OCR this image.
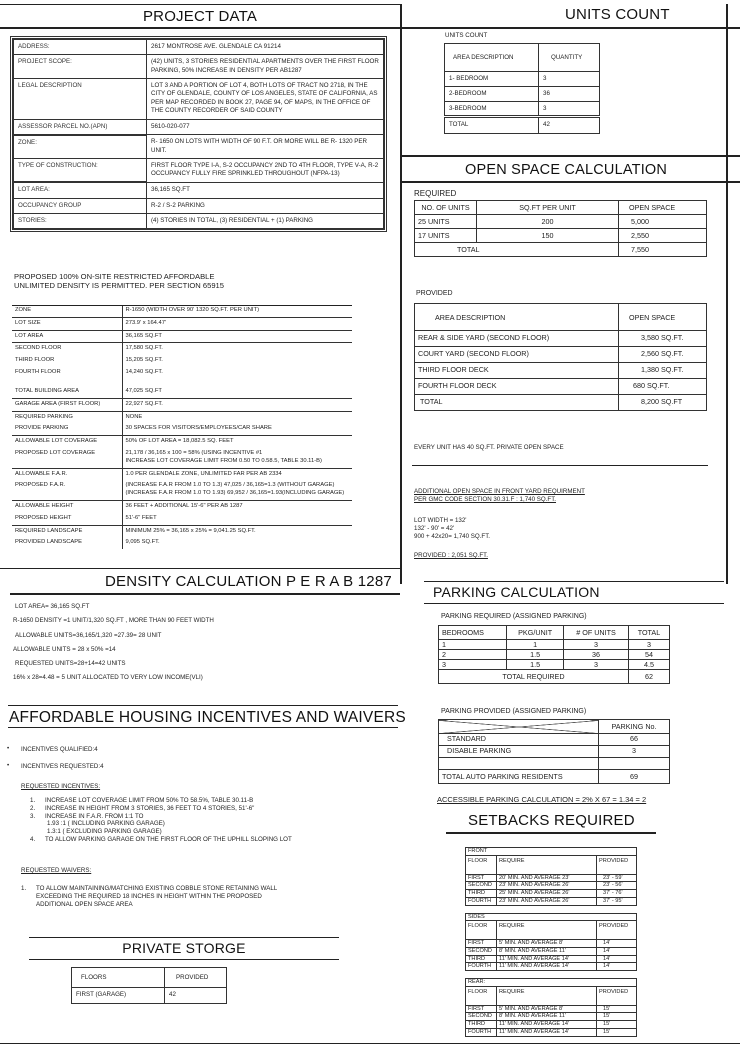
PROJECT DATA
ADDRESS:	2617 MONTROSE AVE. GLENDALE CA 91214
PROJECT SCOPE:	(42) UNITS, 3 STORIES RESIDENTIAL APARTMENTS OVER THE FIRST FLOOR PARKING, 50% INCREASE IN DENSITY PER AB1287
LEGAL DESCRIPTION	LOT 3 AND A PORTION OF LOT 4, BOTH LOTS OF TRACT NO 2718, IN THE CITY OF GLENDALE, COUNTY OF LOS ANGELES, STATE OF CALIFORNIA, AS PER MAP RECORDED IN BOOK 27, PAGE 94, OF MAPS, IN THE OFFICE OF THE COUNTY RECORDER OF SAID COUNTY
ASSESSOR PARCEL NO.(APN)	5610-020-077
ZONE:	R- 1650 ON LOTS WITH WIDTH OF 90 F.T. OR MORE WILL BE R- 1320 PER UNIT.
TYPE OF CONSTRUCTION:	FIRST FLOOR TYPE I-A, S-2 OCCUPANCY 2ND TO 4TH FLOOR, TYPE V-A, R-2 OCCUPANCY FULLY FIRE SPRINKLED THROUGHOUT (NFPA-13)
LOT AREA:	36,165 SQ.FT
OCCUPANCY GROUP	R-2 / S-2 PARKING
STORIES:	(4) STORIES IN TOTAL, (3) RESIDENTIAL + (1) PARKING
PROPOSED 100% ON-SITE RESTRICTED AFFORDABLE
UNLIMITED DENSITY IS PERMITTED. PER SECTION 65915
ZONE	R-1650 (WIDTH OVER 90' 1320 SQ.FT. PER UNIT)

LOT SIZE	273.9' x 164.47'

LOT AREA	36,165 SQ.FT

SECOND FLOOR	17,580 SQ.FT.

THIRD FLOOR	15,205 SQ.FT.

FOURTH FLOOR	14,240 SQ.FT.

TOTAL BUILDING AREA	47,025 SQ.FT

GARAGE AREA (FIRST FLOOR)	22,927 SQ.FT.

REQUIRED PARKING	NONE

PROVIDE PARKING	30 SPACES FOR VISITORS/EMPLOYEES/CAR SHARE

ALLOWABLE LOT COVERAGE	50% OF LOT AREA = 18,082.5 SQ. FEET

PROPOSED LOT COVERAGE	21,178 / 36,165 x 100 = 58% (USING INCENTIVE #1
INCREASE LOT COVERAGE LIMIT FROM 0.50 TO 0.58.5, TABLE 30.11-B)

ALLOWABLE F.A.R.	1.0 PER GLENDALE ZONE, UNLIMITED FAR PER AB 2334

PROPOSED F.A.R.	(INCREASE F.A.R FROM 1.0 TO 1.3) 47,025 / 36,165=1.3 (WITHOUT GARAGE)
(INCREASE F.A.R FROM 1.0 TO 1.93) 69,952 / 36,165=1.93(INCLUDING GARAGE)

ALLOWABLE HEIGHT	36 FEET + ADDITIONAL 15'-6" PER AB 1287

PROPOSED HEIGHT	51'-6" FEET

REQUIRED LANDSCAPE	MINIMUM 25% = 36,165 x 25% = 9,041.25 SQ.FT.

PROVIDED LANDSCAPE	9,095 SQ.FT.
DENSITY CALCULATION P E R A B 1287
LOT AREA= 36,165 SQ.FT
R-1650 DENSITY =1 UNIT/1,320 SQ.FT , MORE THAN 90 FEET WIDTH
ALLOWABLE UNITS=36,165/1,320 =27.39= 28 UNIT
ALLOWABLE UNITS = 28 x 50% =14
REQUESTED UNITS=28+14=42 UNITS
16% x 28=4.48 = 5 UNIT ALLOCATED TO VERY LOW INCOME(VLI)
AFFORDABLE HOUSING INCENTIVES AND WAIVERS
• INCENTIVES QUALIFIED:4
• INCENTIVES REQUESTED:4
REQUESTED INCENTIVES:
1.	INCREASE LOT COVERAGE LIMIT FROM 50% TO 58.5%, TABLE 30.11-B
2.	INCREASE IN HEIGHT FROM 3 STORIES, 36 FEET TO 4 STORIES, 51'-6"
3.	INCREASE IN F.A.R. FROM 1:1 TO
1.93 :1 ( INCLUDING PARKING GARAGE)
1.3:1 ( EXCLUDING PARKING GARAGE)
4.	TO ALLOW PARKING GARAGE ON THE FIRST FLOOR OF THE UPHILL SLOPING LOT
REQUESTED WAIVERS:
1. TO ALLOW MAINTAINING/MATCHING EXISTING COBBLE STONE RETAINING WALL
EXCEEDING THE REQUIRED 18 INCHES IN HEIGHT WITHIN THE PROPOSED
ADDITIONAL OPEN SPACE AREA
PRIVATE STORGE
FLOORS	PROVIDED
FIRST (GARAGE)	42
UNITS COUNT
UNITS COUNT
AREA DESCRIPTION	QUANTITY
1- BEDROOM	3
2-BEDROOM	36
3-BEDROOM	3
TOTAL	42
OPEN SPACE CALCULATION
REQUIRED
NO. OF UNITS	SQ.FT PER UNIT	OPEN SPACE
25 UNITS	200	5,000
17 UNITS	150	2,550
TOTAL		7,550
PROVIDED
AREA DESCRIPTION	OPEN SPACE
REAR & SIDE YARD (SECOND FLOOR)	3,580 SQ.FT.
COURT YARD (SECOND FLOOR)	2,560 SQ.FT.
THIRD FLOOR DECK	1,380 SQ.FT.
FOURTH FLOOR DECK	680 SQ.FT.
TOTAL	8,200 SQ.FT
EVERY UNIT HAS 40 SQ.FT. PRIVATE OPEN SPACE
ADDITIONAL OPEN SPACE IN FRONT YARD REQUIRMENT
PER GMC CODE SECTION 30.31.F : 1,740 SQ.FT.
LOT WIDTH = 132'
132' - 90' = 42'
900 + 42x20= 1,740 SQ.FT.
PROVIDED : 2,051 SQ.FT.
PARKING CALCULATION
PARKING REQUIRED (ASSIGNED PARKING)
BEDROOMS	PKG/UNIT	# OF UNITS	TOTAL
1	1	3	3
2	1.5	36	54
3	1.5	3	4.5
TOTAL REQUIRED			62
PARKING PROVIDED (ASSIGNED PARKING)
	PARKING No.
STANDARD	66
DISABLE PARKING	3

TOTAL AUTO PARKING RESIDENTS	69
ACCESSIBLE PARKING CALCULATION = 2% X 67 = 1.34 = 2
SETBACKS REQUIRED
FRONT		
FLOOR	REQUIRE	PROVIDED
FIRST	20' MIN. AND AVERAGE 23'	23' - 59'
SECOND	23' MIN. AND AVERAGE 26'	23' - 56'
THIRD	25' MIN. AND AVERAGE 26'	37' - 76'
FOURTH	23' MIN. AND AVERAGE 26'	37' - 95'
SIDES		
FLOOR	REQUIRE	PROVIDED
FIRST	5' MIN. AND AVERAGE 8'	14'
SECOND	8' MIN. AND AVERAGE 11'	14'
THIRD	11' MIN. AND AVERAGE 14'	14'
FOURTH	11' MIN. AND AVERAGE 14'	14'
REAR:		
FLOOR	REQUIRE	PROVIDED
FIRST	5' MIN. AND AVERAGE 8'	15'
SECOND	8' MIN. AND AVERAGE 11'	15'
THIRD	11' MIN. AND AVERAGE 14'	15'
FOURTH	11' MIN. AND AVERAGE 14'	15'
